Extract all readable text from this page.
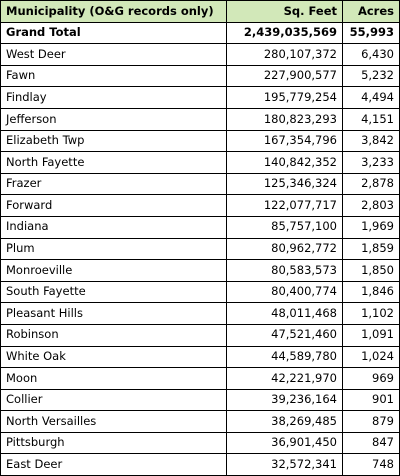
Municipality (O&G records only)	Sq. Feet	Acres
Grand Total	2,439,035,569	55,993
West Deer	280,107,372	6,430
Fawn	227,900,577	5,232
Findlay	195,779,254	4,494
Jefferson	180,823,293	4,151
Elizabeth Twp	167,354,796	3,842
North Fayette	140,842,352	3,233
Frazer	125,346,324	2,878
Forward	122,077,717	2,803
Indiana	85,757,100	1,969
Plum	80,962,772	1,859
Monroeville	80,583,573	1,850
South Fayette	80,400,774	1,846
Pleasant Hills	48,011,468	1,102
Robinson	47,521,460	1,091
White Oak	44,589,780	1,024
Moon	42,221,970	969
Collier	39,236,164	901
North Versailles	38,269,485	879
Pittsburgh	36,901,450	847
East Deer	32,572,341	748
